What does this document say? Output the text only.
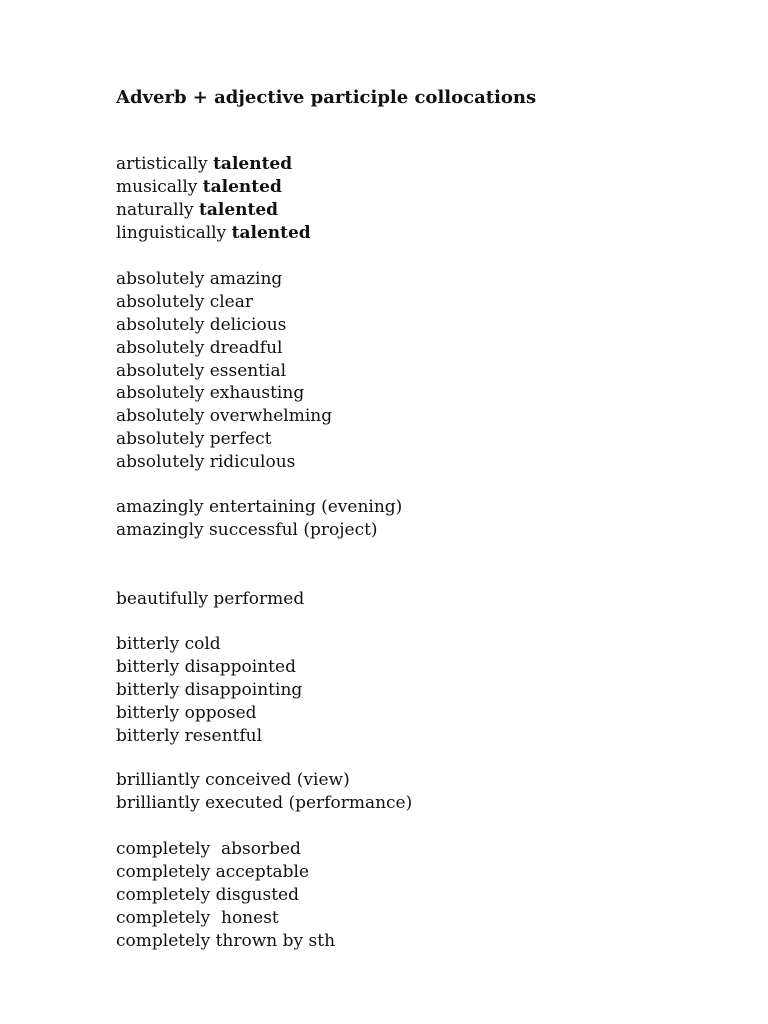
Adverb + adjective participle collocations
artistically talented
musically talented
naturally talented
linguistically talented
absolutely amazing
absolutely clear
absolutely delicious
absolutely dreadful
absolutely essential
absolutely exhausting
absolutely overwhelming
absolutely perfect
absolutely ridiculous
amazingly entertaining (evening)
amazingly successful (project)
beautifully performed
bitterly cold
bitterly disappointed
bitterly disappointing
bitterly opposed
bitterly resentful
brilliantly conceived (view)
brilliantly executed (performance)
completely  absorbed
completely acceptable
completely disgusted
completely  honest
completely thrown by sth
